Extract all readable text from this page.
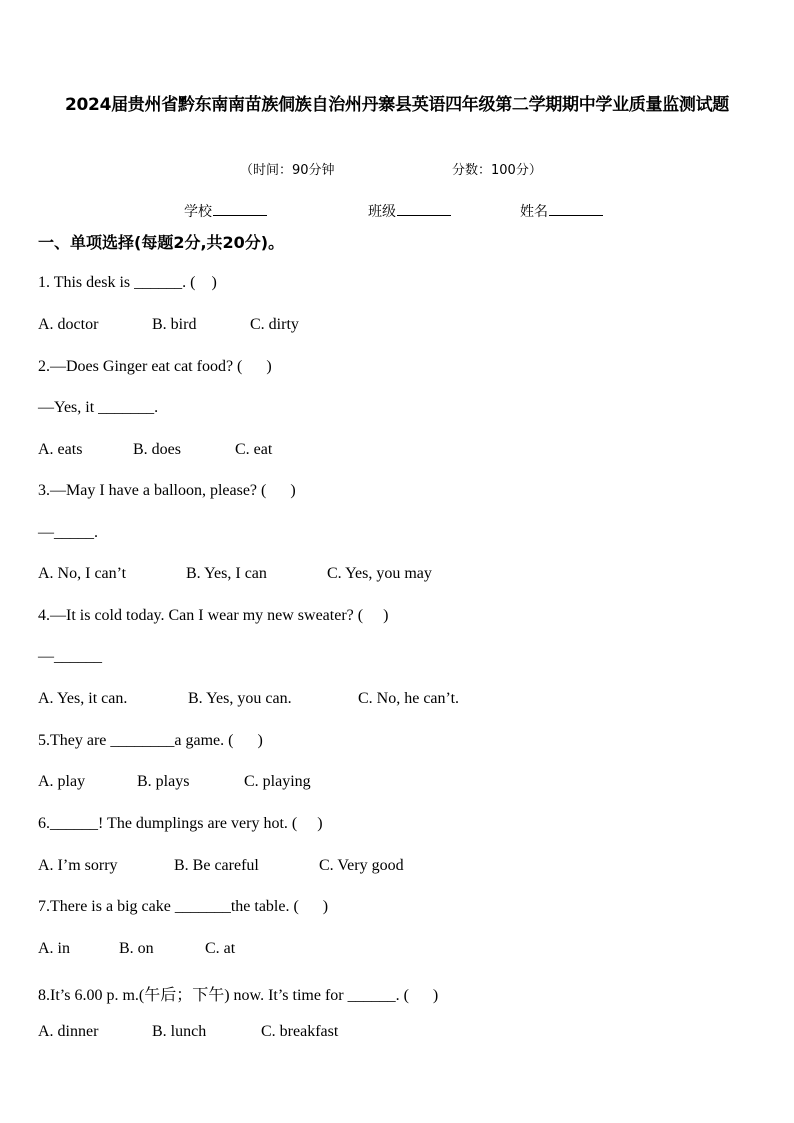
2024届贵州省黔东南南苗族侗族自治州丹寨县英语四年级第二学期期中学业质量监测试题
（时间：90分钟	分数：100分）
学校	班级	姓名
一、单项选择(每题2分,共20分)。
1. This desk is ______. (    )
A. doctor	B. bird	C. dirty
2.—Does Ginger eat cat food? (      )
—Yes, it _______.
A. eats	B. does	C. eat
3.—May I have a balloon, please? (      )
—_____.
A. No, I can’t	B. Yes, I can	C. Yes, you may
4.—It is cold today. Can I wear my new sweater? (     )
—______
A. Yes, it can.	B. Yes, you can.	C. No, he can’t.
5.They are ________a game. (      )
A. play	B. plays	C. playing
6.______! The dumplings are very hot. (     )
A. I’m sorry	B. Be careful	C. Very good
7.There is a big cake _______the table. (      )
A. in	B. on	C. at
8.It’s 6.00 p. m.(午后；下午) now. It’s time for ______. (      )
A. dinner	B. lunch	C. breakfast
